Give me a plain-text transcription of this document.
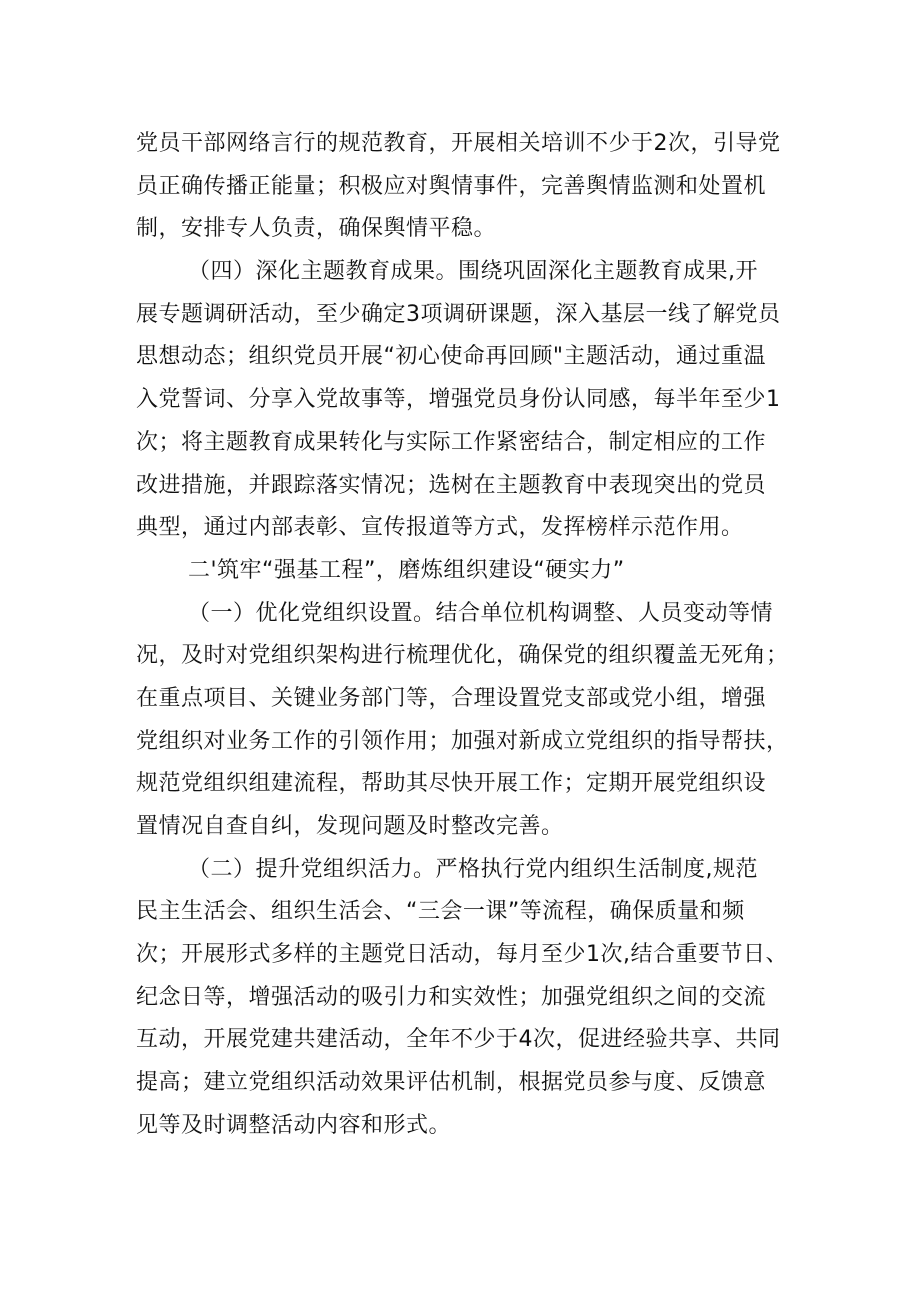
党员干部网络言行的规范教育，开展相关培训不少于2次，引导党
员正确传播正能量；积极应对舆情事件，完善舆情监测和处置机
制，安排专人负责，确保舆情平稳。
（四）深化主题教育成果。围绕巩固深化主题教育成果,开
展专题调研活动，至少确定3项调研课题，深入基层一线了解党员
思想动态；组织党员开展“初心使命再回顾"主题活动，通过重温
入党誓词、分享入党故事等，增强党员身份认同感，每半年至少1
次；将主题教育成果转化与实际工作紧密结合，制定相应的工作
改进措施，并跟踪落实情况；选树在主题教育中表现突出的党员
典型，通过内部表彰、宣传报道等方式，发挥榜样示范作用。
二'筑牢“强基工程”，磨炼组织建设“硬实力”
（一）优化党组织设置。结合单位机构调整、人员变动等情
况，及时对党组织架构进行梳理优化，确保党的组织覆盖无死角；
在重点项目、关键业务部门等，合理设置党支部或党小组，增强
党组织对业务工作的引领作用；加强对新成立党组织的指导帮扶，
规范党组织组建流程，帮助其尽快开展工作；定期开展党组织设
置情况自查自纠，发现问题及时整改完善。
（二）提升党组织活力。严格执行党内组织生活制度,规范
民主生活会、组织生活会、“三会一课”等流程，确保质量和频
次；开展形式多样的主题党日活动，每月至少1次,结合重要节日、
纪念日等，增强活动的吸引力和实效性；加强党组织之间的交流
互动，开展党建共建活动，全年不少于4次，促进经验共享、共同
提高；建立党组织活动效果评估机制，根据党员参与度、反馈意
见等及时调整活动内容和形式。
